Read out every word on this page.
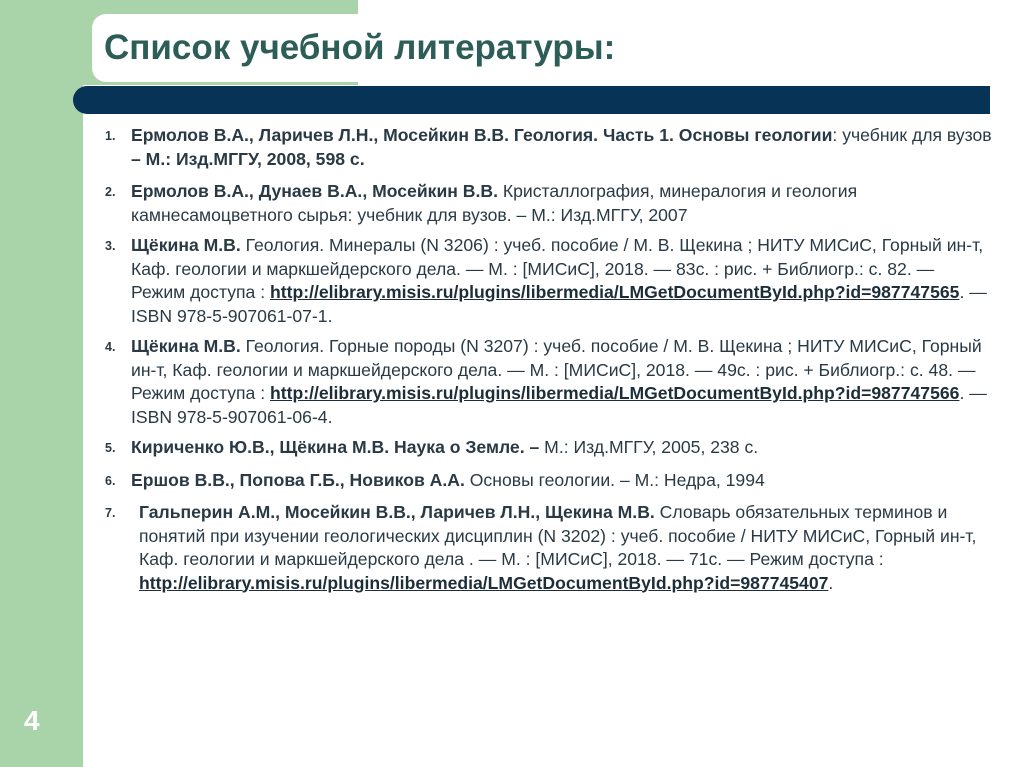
Список учебной литературы:
4
1. Ермолов В.А., Ларичев Л.Н., Мосейкин В.В. Геология. Часть 1. Основы геологии: учебник для вузов – М.: Изд.МГГУ, 2008, 598 с.
2. Ермолов В.А., Дунаев В.А., Мосейкин В.В. Кристаллография, минералогия и геология камнесамоцветного сырья: учебник для вузов. – М.: Изд.МГГУ, 2007
3. Щёкина М.В. Геология. Минералы (N 3206) : учеб. пособие / М. В. Щекина ; НИТУ МИСиС, Горный ин-т, Каф. геологии и маркшейдерского дела. — М. : [МИСиС], 2018. — 83с. : рис. + Библиогр.: с. 82. — Режим доступа : http://elibrary.misis.ru/plugins/libermedia/LMGetDocumentById.php?id=987747565. — ISBN 978-5-907061-07-1.
4. Щёкина М.В. Геология. Горные породы (N 3207) : учеб. пособие / М. В. Щекина ; НИТУ МИСиС, Горный ин-т, Каф. геологии и маркшейдерского дела. — М. : [МИСиС], 2018. — 49с. : рис. + Библиогр.: с. 48. — Режим доступа : http://elibrary.misis.ru/plugins/libermedia/LMGetDocumentById.php?id=987747566. — ISBN 978-5-907061-06-4.
5. Кириченко Ю.В., Щёкина М.В. Наука о Земле. – М.: Изд.МГГУ, 2005, 238 с.
6. Ершов В.В., Попова Г.Б., Новиков А.А. Основы геологии. – М.: Недра, 1994
7. Гальперин А.М., Мосейкин В.В., Ларичев Л.Н., Щекина М.В. Словарь обязательных терминов и понятий при изучении геологических дисциплин (N 3202) : учеб. пособие / НИТУ МИСиС, Горный ин-т, Каф. геологии и маркшейдерского дела . — М. : [МИСиС], 2018. — 71с. — Режим доступа : http://elibrary.misis.ru/plugins/libermedia/LMGetDocumentById.php?id=987745407.
